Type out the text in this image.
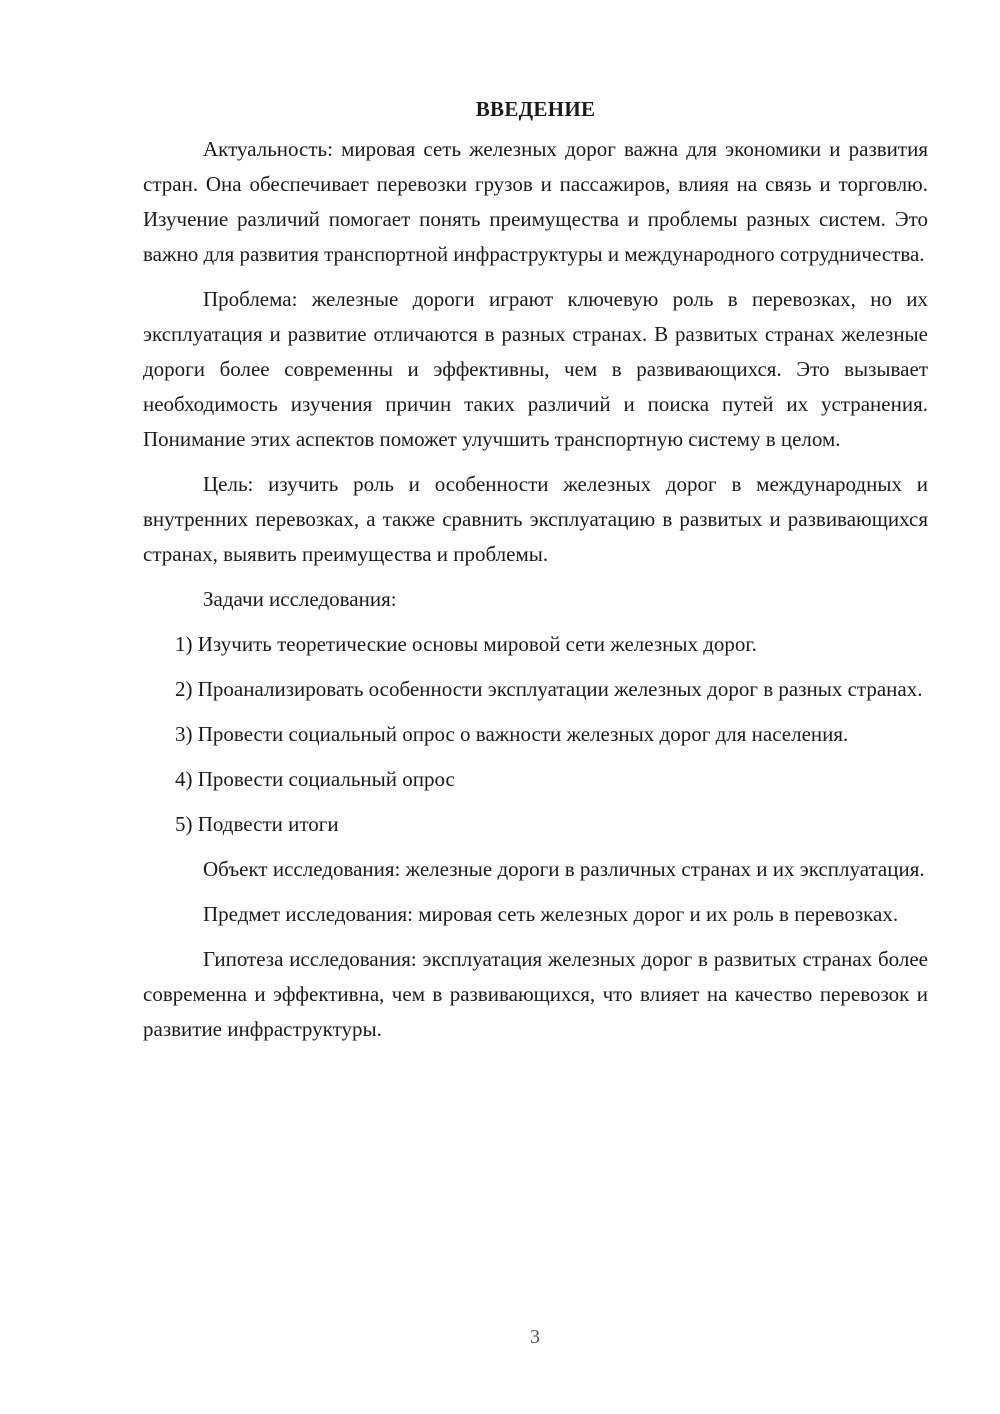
ВВЕДЕНИЕ

Актуальность: мировая сеть железных дорог важна для экономики и развития стран. Она обеспечивает перевозки грузов и пассажиров, влияя на связь и торговлю. Изучение различий помогает понять преимущества и проблемы разных систем. Это важно для развития транспортной инфраструктуры и международного сотрудничества.

Проблема: железные дороги играют ключевую роль в перевозках, но их эксплуатация и развитие отличаются в разных странах. В развитых странах железные дороги более современны и эффективны, чем в развивающихся. Это вызывает необходимость изучения причин таких различий и поиска путей их устранения. Понимание этих аспектов поможет улучшить транспортную систему в целом.

Цель: изучить роль и особенности железных дорог в международных и внутренних перевозках, а также сравнить эксплуатацию в развитых и развивающихся странах, выявить преимущества и проблемы.

Задачи исследования:

1) Изучить теоретические основы мировой сети железных дорог.

2) Проанализировать особенности эксплуатации железных дорог в разных странах.

3) Провести социальный опрос о важности железных дорог для населения.

4) Провести социальный опрос

5) Подвести итоги

Объект исследования: железные дороги в различных странах и их эксплуатация.

Предмет исследования: мировая сеть железных дорог и их роль в перевозках.

Гипотеза исследования: эксплуатация железных дорог в развитых странах более современна и эффективна, чем в развивающихся, что влияет на качество перевозок и развитие инфраструктуры.

3
